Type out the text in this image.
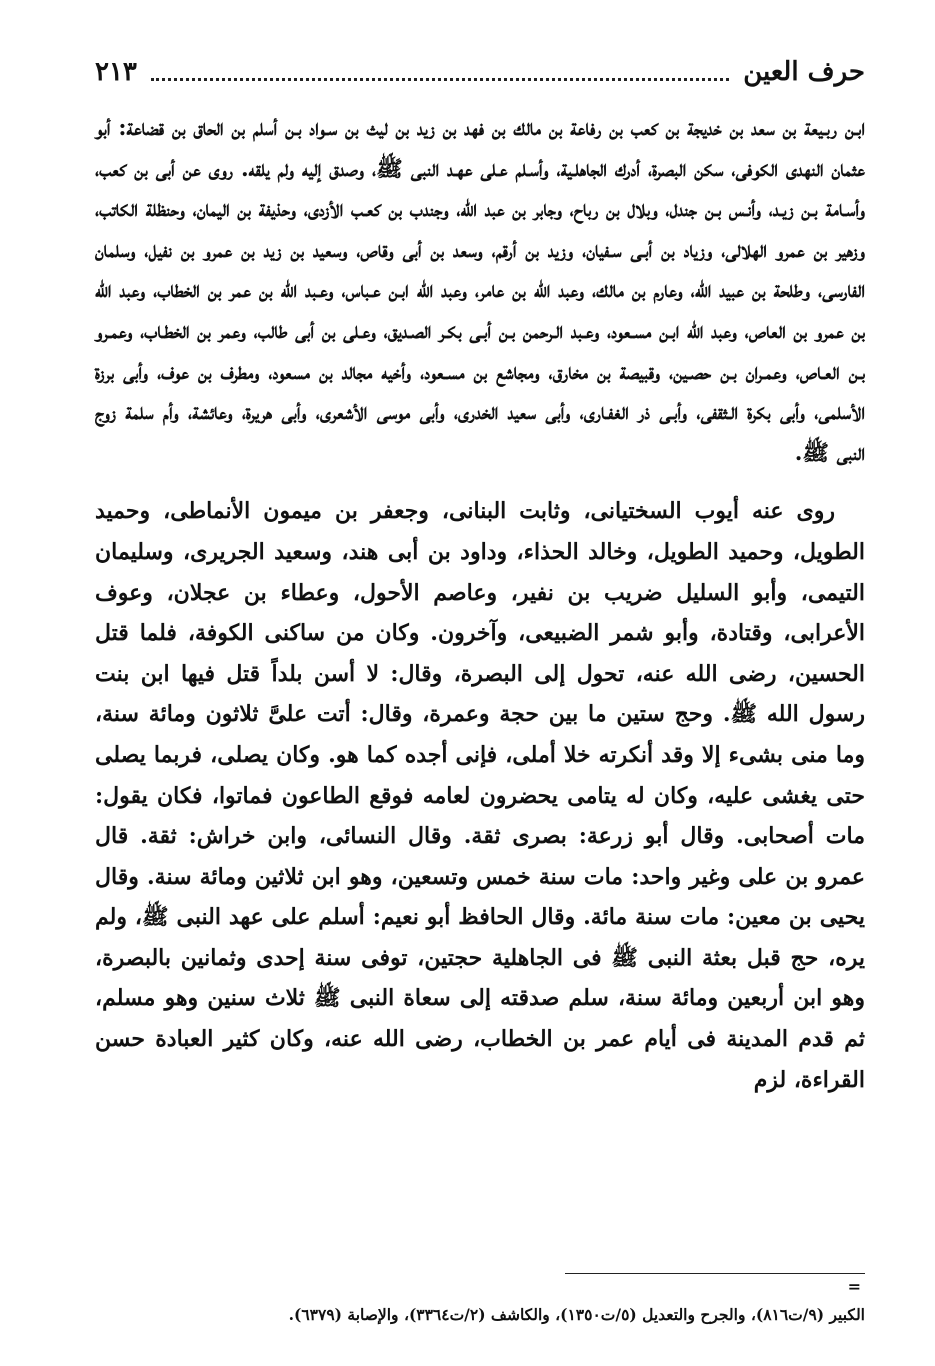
حرف العين
٢١٣

ابـن ربـيعة بن سعد بن خديجة بن كعب بن رفاعة بن مالك بن فهد بن زيد بن ليث بن سـواد بـن أسلم بن الحاق بن قضاعة: أبو عثمان النهدى الكوفى، سكن البصرة، أدرك الجاهلـية، وأسـلم عـلى عهـد النبى ﷺ، وصدق إليه ولم يلقه. روى عن أبى بن كعب، وأسـامة بـن زيـد، وأنـس بـن جندل، وبلال بن رباح، وجابر بن عبد الله، وجندب بن كعـب الأزدى، وحذيفة بن اليمان، وحنظلة الكاتب، وزهير بن عمرو الهلالى، وزياد بن أبـى سـفيان، وزيد بن أرقم، وسعد بن أبى وقاص، وسعيد بن زيد بن عمرو بن نفيل، وسلمان الفارسى، وطلحة بن عبيد الله، وعارم بن مالك، وعبد الله بن عامر، وعبد الله ابـن عـباس، وعـبد الله بن عمر بن الخطاب، وعبد الله بن عمرو بن العاص، وعبد الله ابـن مسـعود، وعـبد الـرحمن بـن أبـى بكـر الصـديق، وعـلى بن أبى طالب، وعمر بن الخطـاب، وعمـرو بـن العـاص، وعمـران بـن حصـين، وقبيصة بن مخارق، ومجاشع بن مسـعود، وأخيه مجالد بن مسعود، ومطرف بن عوف، وأبى برزة الأسلمى، وأبى بكرة الـثقفى، وأبـى ذر الغفـارى، وأبى سعيد الخدرى، وأبى موسى الأشعرى، وأبى هريرة، وعائشة، وأم سلمة زوج النبى ﷺ.

روى عنه أيوب السختيانى، وثابت البنانى، وجعفر بن ميمون الأنماطى، وحميد الطويل، وحميد الطويل، وخالد الحذاء، وداود بن أبى هند، وسعيد الجريرى، وسليمان التيمى، وأبو السليل ضريب بن نفير، وعاصم الأحول، وعطاء بن عجلان، وعوف الأعرابى، وقتادة، وأبو شمر الضبيعى، وآخرون. وكان من ساكنى الكوفة، فلما قتل الحسين، رضى الله عنه، تحول إلى البصرة، وقال: لا أسن بلداً قتل فيها ابن بنت رسول الله ﷺ. وحج ستين ما بين حجة وعمرة، وقال: أتت علىَّ ثلاثون ومائة سنة، وما منى بشىء إلا وقد أنكرته خلا أملى، فإنى أجده كما هو. وكان يصلى، فربما يصلى حتى يغشى عليه، وكان له يتامى يحضرون لعامه فوقع الطاعون فماتوا، فكان يقول: مات أصحابى. وقال أبو زرعة: بصرى ثقة. وقال النسائى، وابن خراش: ثقة. قال عمرو بن على وغير واحد: مات سنة خمس وتسعين، وهو ابن ثلاثين ومائة سنة. وقال يحيى بن معين: مات سنة مائة. وقال الحافظ أبو نعيم: أسلم على عهد النبى ﷺ، ولم يره، حج قبل بعثة النبى ﷺ فى الجاهلية حجتين، توفى سنة إحدى وثمانين بالبصرة، وهو ابن أربعين ومائة سنة، سلم صدقته إلى سعاة النبى ﷺ ثلاث سنين وهو مسلم، ثم قدم المدينة فى أيام عمر بن الخطاب، رضى الله عنه، وكان كثير العبادة حسن القراءة، لزم

=
الكبير (٩/ت٨١٦)، والجرح والتعديل (٥/ت١٣٥٠)، والكاشف (٢/ت٣٣٦٤)، والإصابة (٦٣٧٩).
